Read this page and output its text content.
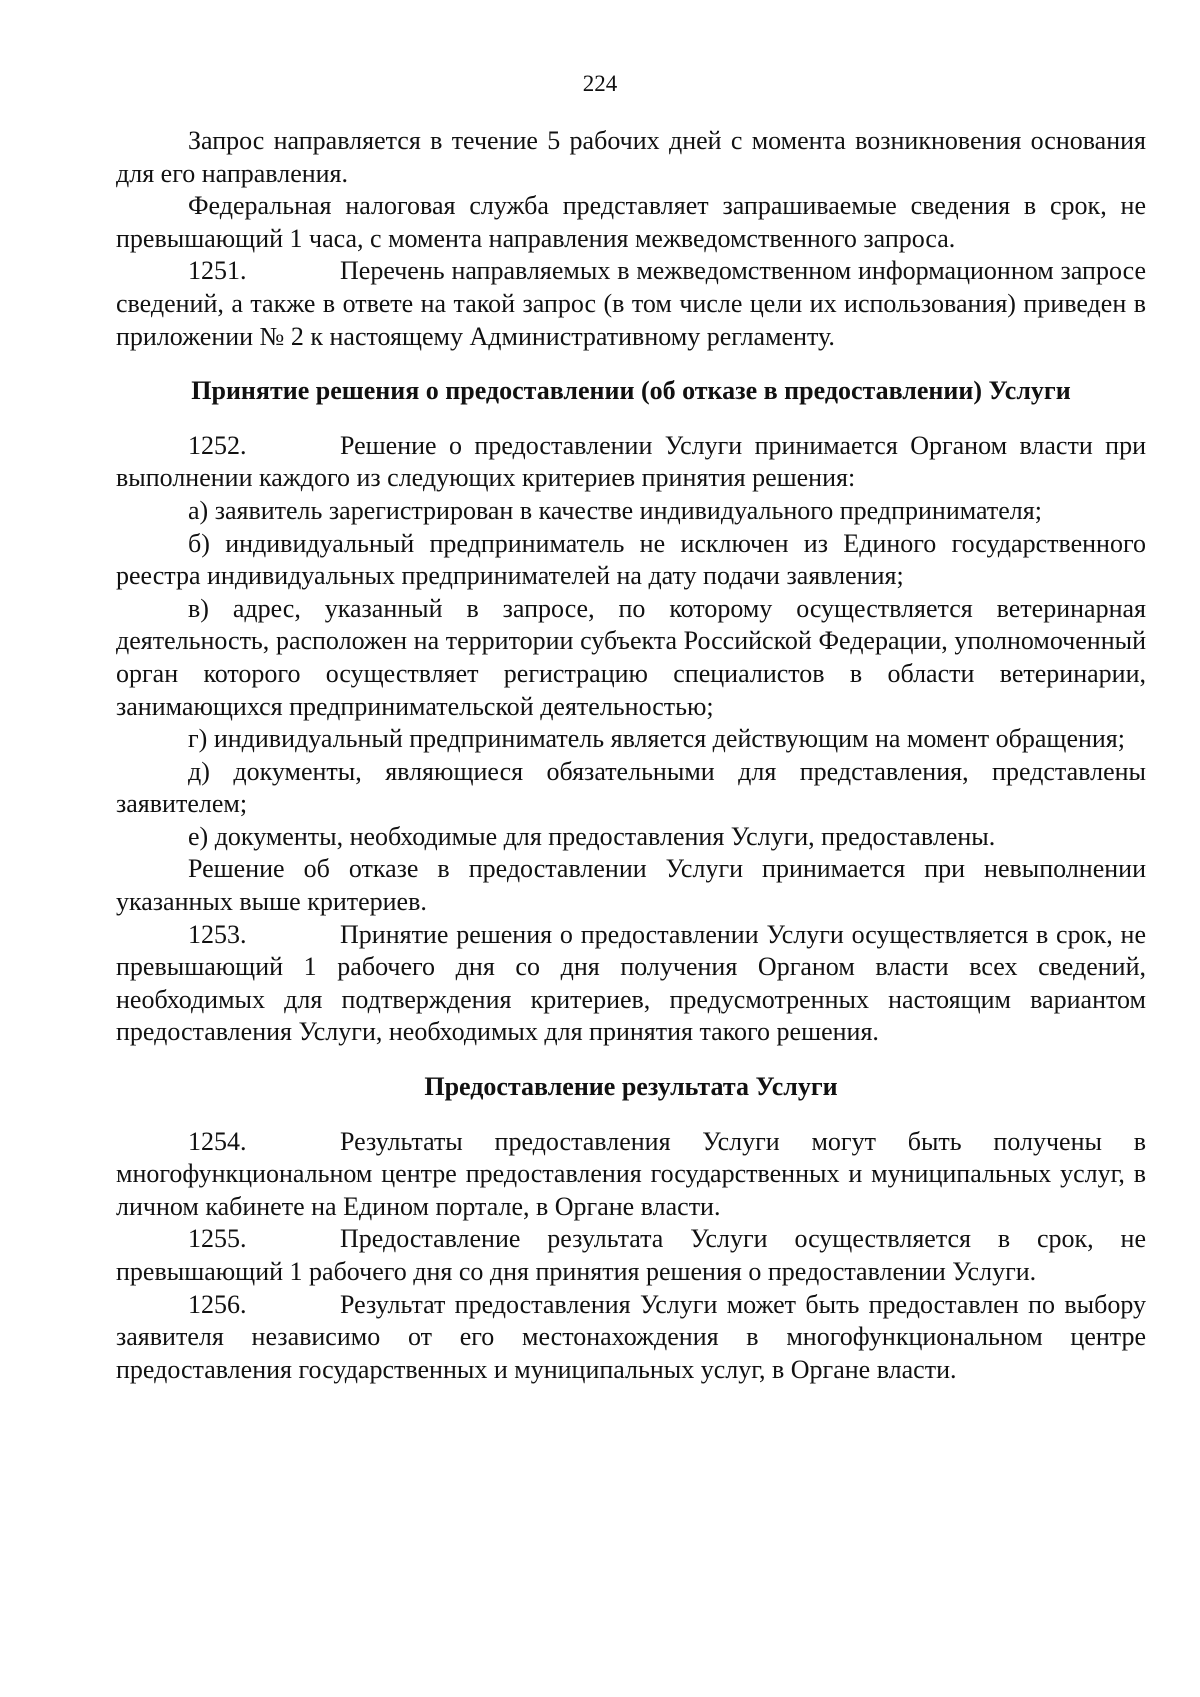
224

Запрос направляется в течение 5 рабочих дней с момента возникновения основания для его направления.

Федеральная налоговая служба представляет запрашиваемые сведения в срок, не превышающий 1 часа, с момента направления межведомственного запроса.

1251.	Перечень направляемых в межведомственном информационном запросе сведений, а также в ответе на такой запрос (в том числе цели их использования) приведен в приложении № 2 к настоящему Административному регламенту.

Принятие решения о предоставлении (об отказе в предоставлении) Услуги

1252.	Решение о предоставлении Услуги принимается Органом власти при выполнении каждого из следующих критериев принятия решения:

а) заявитель зарегистрирован в качестве индивидуального предпринимателя;

б) индивидуальный предприниматель не исключен из Единого государственного реестра индивидуальных предпринимателей на дату подачи заявления;

в) адрес, указанный в запросе, по которому осуществляется ветеринарная деятельность, расположен на территории субъекта Российской Федерации, уполномоченный орган которого осуществляет регистрацию специалистов в области ветеринарии, занимающихся предпринимательской деятельностью;

г) индивидуальный предприниматель является действующим на момент обращения;

д) документы, являющиеся обязательными для представления, представлены заявителем;

е) документы, необходимые для предоставления Услуги, предоставлены.

Решение об отказе в предоставлении Услуги принимается при невыполнении указанных выше критериев.

1253.	Принятие решения о предоставлении Услуги осуществляется в срок, не превышающий 1 рабочего дня со дня получения Органом власти всех сведений, необходимых для подтверждения критериев, предусмотренных настоящим вариантом предоставления Услуги, необходимых для принятия такого решения.

Предоставление результата Услуги

1254.	Результаты предоставления Услуги могут быть получены в многофункциональном центре предоставления государственных и муниципальных услуг, в личном кабинете на Едином портале, в Органе власти.

1255.	Предоставление результата Услуги осуществляется в срок, не превышающий 1 рабочего дня со дня принятия решения о предоставлении Услуги.

1256.	Результат предоставления Услуги может быть предоставлен по выбору заявителя независимо от его местонахождения в многофункциональном центре предоставления государственных и муниципальных услуг, в Органе власти.
